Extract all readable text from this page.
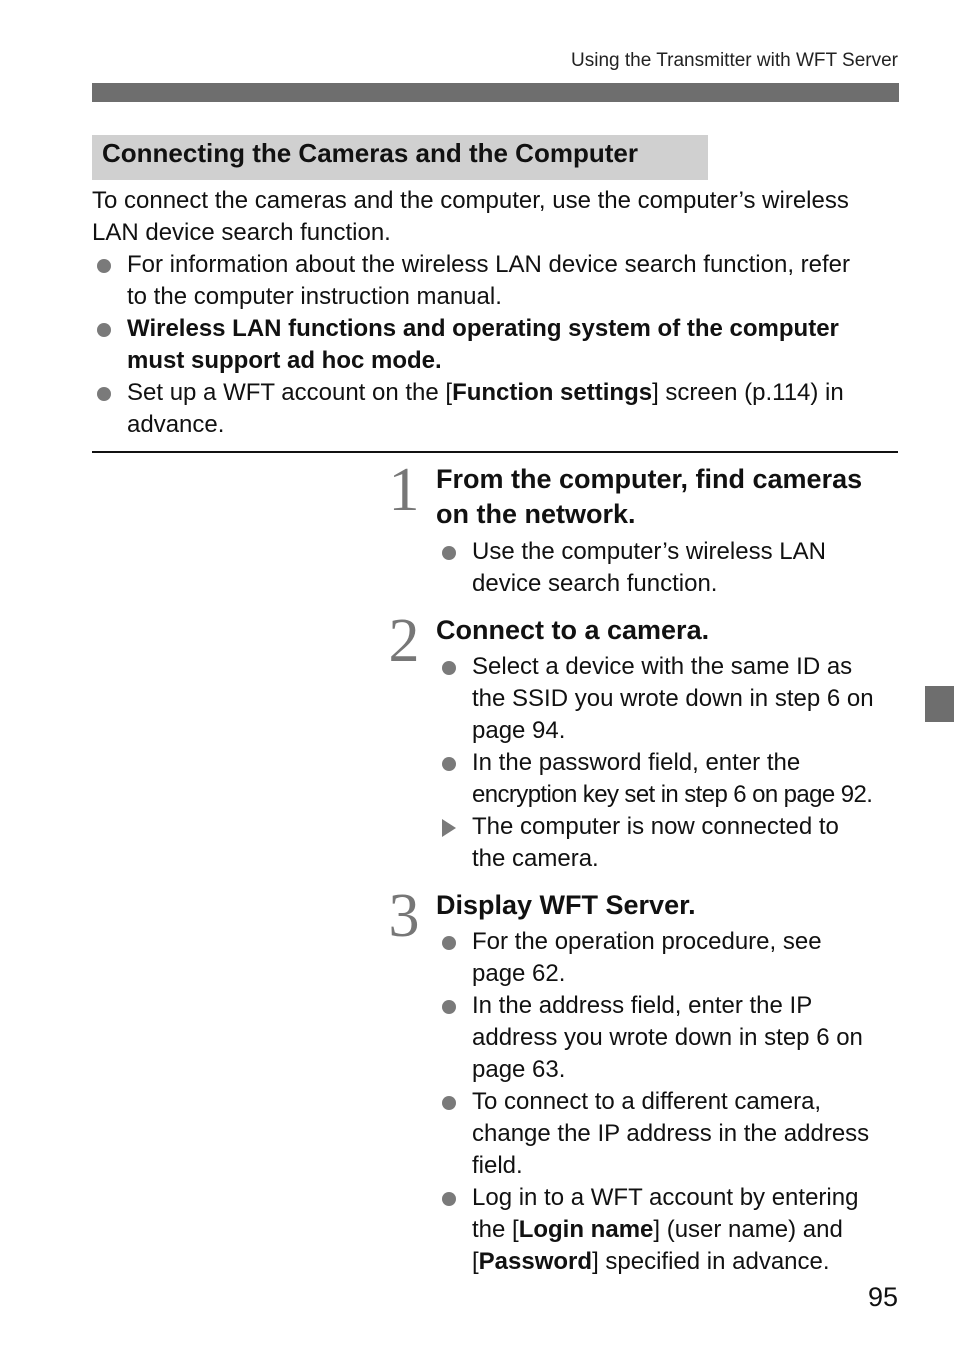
Using the Transmitter with WFT Server
Connecting the Cameras and the Computer
To connect the cameras and the computer, use the computer’s wireless
LAN device search function.
For information about the wireless LAN device search function, refer
to the computer instruction manual.
Wireless LAN functions and operating system of the computer
must support ad hoc mode.
Set up a WFT account on the [Function settings] screen (p.114) in
advance.
1 From the computer, find cameras
on the network.
Use the computer’s wireless LAN
device search function.
2 Connect to a camera.
Select a device with the same ID as
the SSID you wrote down in step 6 on
page 94.
In the password field, enter the
encryption key set in step 6 on page 92.
The computer is now connected to
the camera.
3 Display WFT Server.
For the operation procedure, see
page 62.
In the address field, enter the IP
address you wrote down in step 6 on
page 63.
To connect to a different camera,
change the IP address in the address
field.
Log in to a WFT account by entering
the [Login name] (user name) and
[Password] specified in advance.
95
